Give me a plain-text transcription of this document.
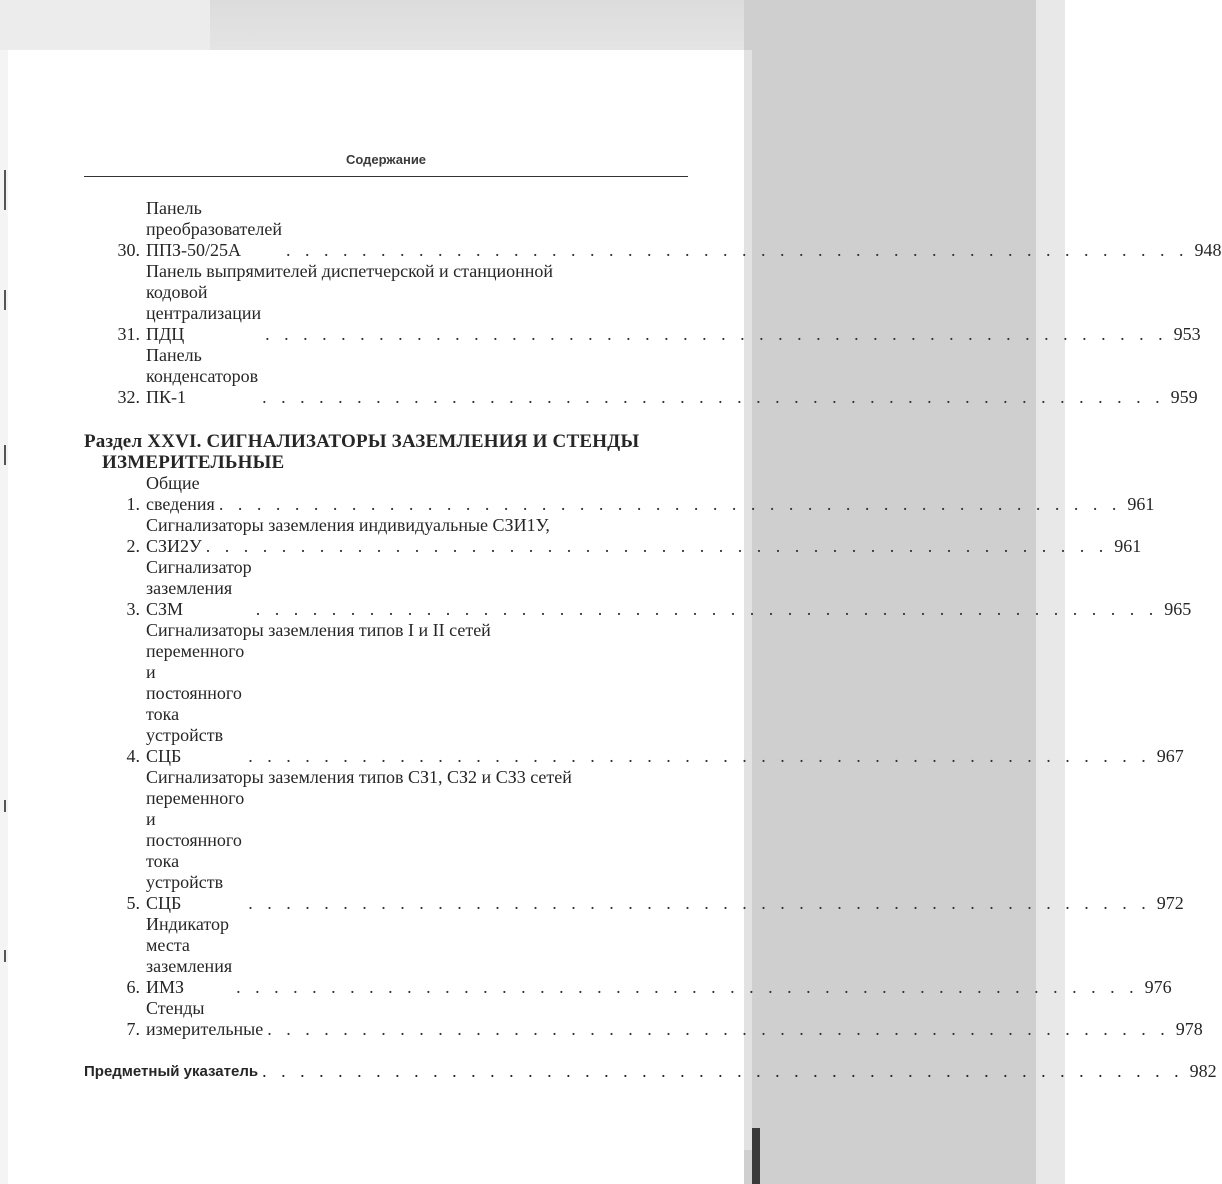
Содержание
30.
Панель преобразователей ППЗ-50/25А	. . . . . . . . . . . . . . . . . . . . . . . . . . . . . . . . . . . . . . . . . . . . . . . . 948
31.
Панель выпрямителей диспетчерской и станционной
кодовой централизации ПДЦ	. . . . . . . . . . . . . . . . . . . . . . . . . . . . . . . . . . . . . . . . . . . . . . . . 953
32.
Панель конденсаторов ПК-1	. . . . . . . . . . . . . . . . . . . . . . . . . . . . . . . . . . . . . . . . . . . . . . . . 959
Раздел XXVI. СИГНАЛИЗАТОРЫ ЗАЗЕМЛЕНИЯ И СТЕНДЫ
ИЗМЕРИТЕЛЬНЫЕ
1.
Общие сведения . . . . . . . . . . . . . . . . . . . . . . . . . . . . . . . . . . . . . . . . . . . . . . . . 961
2.
Сигнализаторы заземления индивидуальные СЗИ1У,
СЗИ2У . . . . . . . . . . . . . . . . . . . . . . . . . . . . . . . . . . . . . . . . . . . . . . . . 961
3.
Сигнализатор заземления СЗМ	. . . . . . . . . . . . . . . . . . . . . . . . . . . . . . . . . . . . . . . . . . . . . . . . 965
4.
Сигнализаторы заземления типов I и II сетей
переменного и постоянного тока устройств СЦБ	. . . . . . . . . . . . . . . . . . . . . . . . . . . . . . . . . . . . . . . . . . . . . . . . 967
5.
Сигнализаторы заземления типов СЗ1, СЗ2 и СЗ3 сетей
переменного и постоянного тока устройств СЦБ	. . . . . . . . . . . . . . . . . . . . . . . . . . . . . . . . . . . . . . . . . . . . . . . . 972
6.
Индикатор места заземления ИМЗ	. . . . . . . . . . . . . . . . . . . . . . . . . . . . . . . . . . . . . . . . . . . . . . . . 976
7.
Стенды измерительные . . . . . . . . . . . . . . . . . . . . . . . . . . . . . . . . . . . . . . . . . . . . . . . . 978
Предметный указатель . . . . . . . . . . . . . . . . . . . . . . . . . . . . . . . . . . . . . . . . . . . . . . . . . 982
